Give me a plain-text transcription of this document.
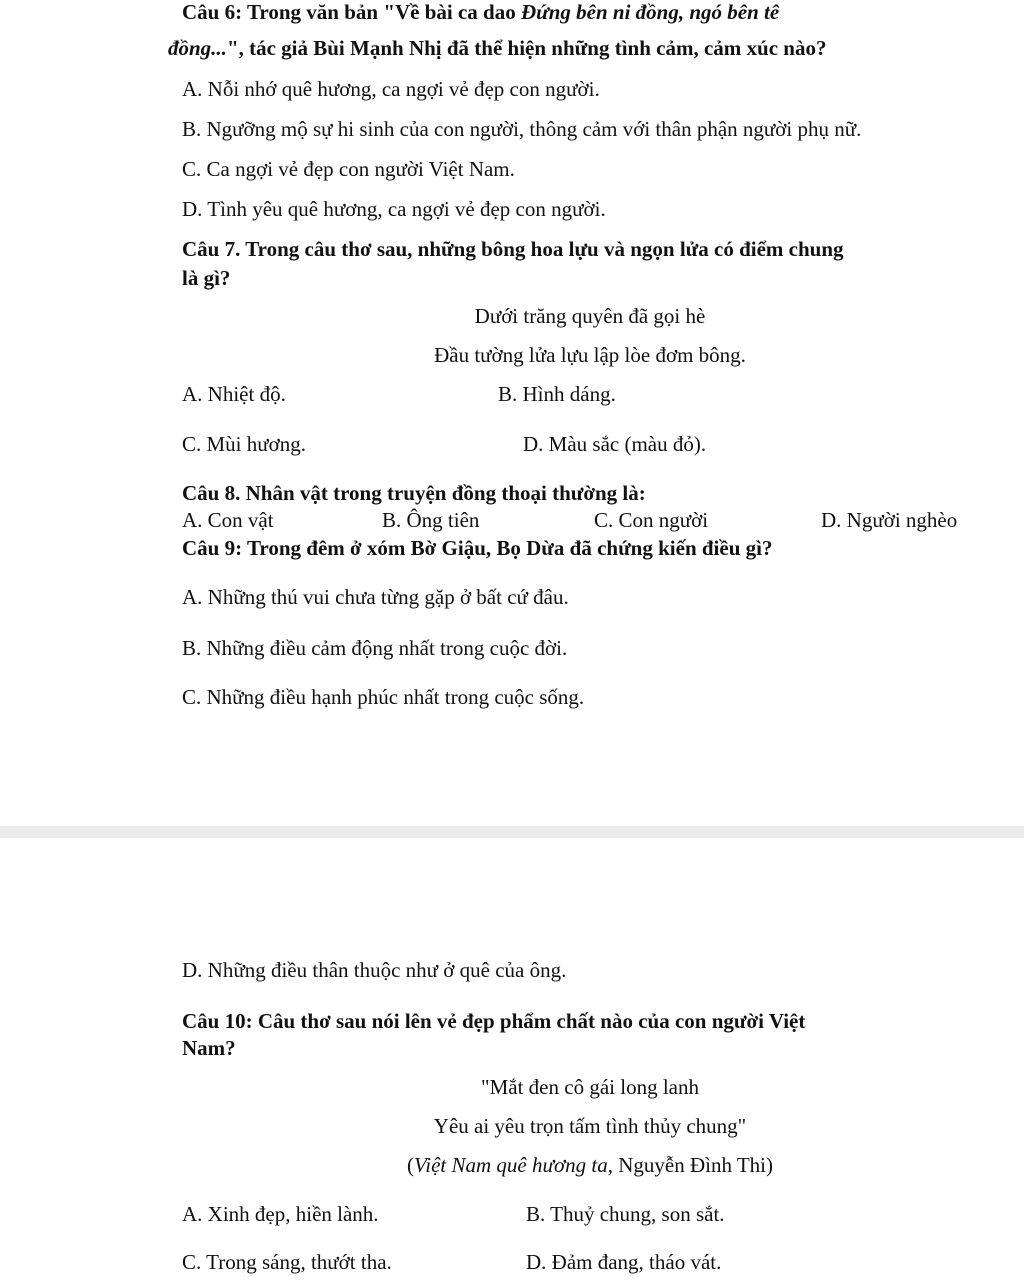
Câu 6: Trong văn bản "Về bài ca dao Đứng bên ni đồng, ngó bên tê
đồng...", tác giả Bùi Mạnh Nhị đã thể hiện những tình cảm, cảm xúc nào?
A. Nỗi nhớ quê hương, ca ngợi vẻ đẹp con người.
B. Ngưỡng mộ sự hi sinh của con người, thông cảm với thân phận người phụ nữ.
C. Ca ngợi vẻ đẹp con người Việt Nam.
D. Tình yêu quê hương, ca ngợi vẻ đẹp con người.
Câu 7. Trong câu thơ sau, những bông hoa lựu và ngọn lửa có điểm chung
là gì?
Dưới trăng quyên đã gọi hè
Đầu tường lửa lựu lập lòe đơm bông.
A. Nhiệt độ.	B. Hình dáng.
C. Mùi hương.	D. Màu sắc (màu đỏ).
Câu 8. Nhân vật trong truyện đồng thoại thường là:
A. Con vật	B. Ông tiên	C. Con người	D. Người nghèo
Câu 9: Trong đêm ở xóm Bờ Giậu, Bọ Dừa đã chứng kiến điều gì?
A. Những thú vui chưa từng gặp ở bất cứ đâu.
B. Những điều cảm động nhất trong cuộc đời.
C. Những điều hạnh phúc nhất trong cuộc sống.
D. Những điều thân thuộc như ở quê của ông.
Câu 10: Câu thơ sau nói lên vẻ đẹp phẩm chất nào của con người Việt
Nam?
"Mắt đen cô gái long lanh
Yêu ai yêu trọn tấm tình thủy chung"
(Việt Nam quê hương ta, Nguyễn Đình Thi)
A. Xinh đẹp, hiền lành.	B. Thuỷ chung, son sắt.
C. Trong sáng, thướt tha.	D. Đảm đang, tháo vát.
